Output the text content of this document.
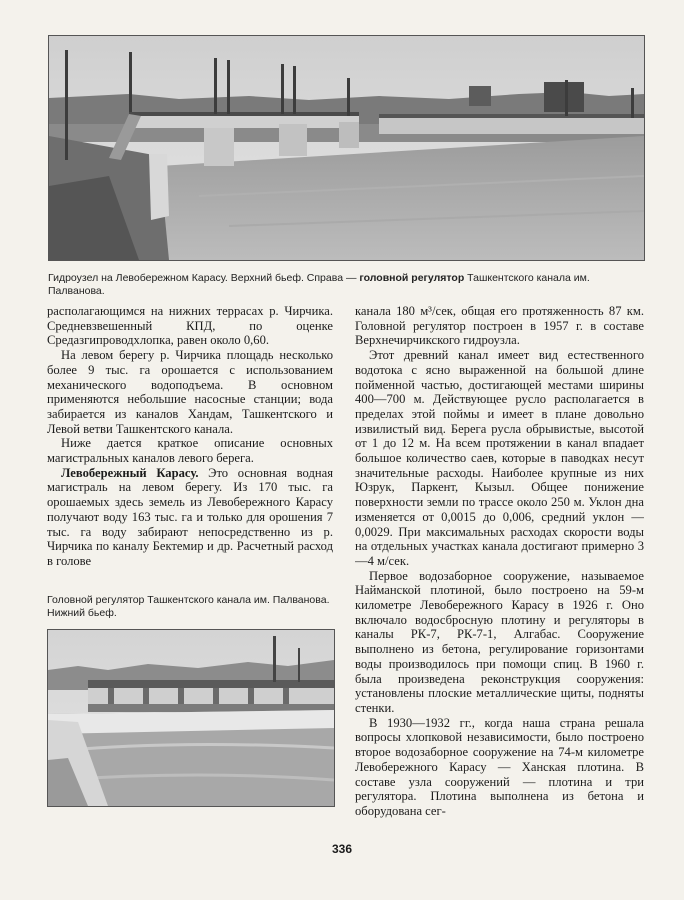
Гидроузел на Левобережном Карасу. Верхний бьеф. Справа — головной регулятор Ташкентского канала им. Палванова.

располагающимся на нижних террасах р. Чирчика. Средневзвешенный КПД, по оценке Средазгипроводхлопка, равен около 0,60.

На левом берегу р. Чирчика площадь несколько более 9 тыс. га орошается с использованием механического водоподъема. В основном применяются небольшие насосные станции; вода забирается из каналов Хандам, Ташкентского и Левой ветви Ташкентского канала.

Ниже дается краткое описание основных магистральных каналов левого берега.

Левобережный Карасу. Это основная водная магистраль на левом берегу. Из 170 тыс. га орошаемых здесь земель из Левобережного Карасу получают воду 163 тыс. га и только для орошения 7 тыс. га воду забирают непосредственно из р. Чирчика по каналу Бектемир и др. Расчетный расход в голове

Головной регулятор Ташкентского канала им. Палванова. Нижний бьеф.

канала 180 м³/сек, общая его протяженность 87 км. Головной регулятор построен в 1957 г. в составе Верхнечирчикского гидроузла.

Этот древний канал имеет вид естественного водотока с ясно выраженной на большой длине пойменной частью, достигающей местами ширины 400—700 м. Действующее русло располагается в пределах этой поймы и имеет в плане довольно извилистый вид. Берега русла обрывистые, высотой от 1 до 12 м. На всем протяжении в канал впадает большое количество саев, которые в паводках несут значительные расходы. Наиболее крупные из них Юзрук, Паркент, Кызыл. Общее понижение поверхности земли по трассе около 250 м. Уклон дна изменяется от 0,0015 до 0,006, средний уклон —0,0029. При максимальных расходах скорости воды на отдельных участках канала достигают примерно 3—4 м/сек.

Первое водозаборное сооружение, называемое Найманской плотиной, было построено на 59-м километре Левобережного Карасу в 1926 г. Оно включало водосбросную плотину и регуляторы в каналы РК-7, РК-7-1, Алгабас. Сооружение выполнено из бетона, регулирование горизонтами воды производилось при помощи спиц. В 1960 г. была произведена реконструкция сооружения: установлены плоские металлические щиты, подняты стенки.

В 1930—1932 гг., когда наша страна решала вопросы хлопковой независимости, было построено второе водозаборное сооружение на 74-м километре Левобережного Карасу — Ханская плотина. В составе узла сооружений — плотина и три регулятора. Плотина выполнена из бетона и оборудована сег-

336
